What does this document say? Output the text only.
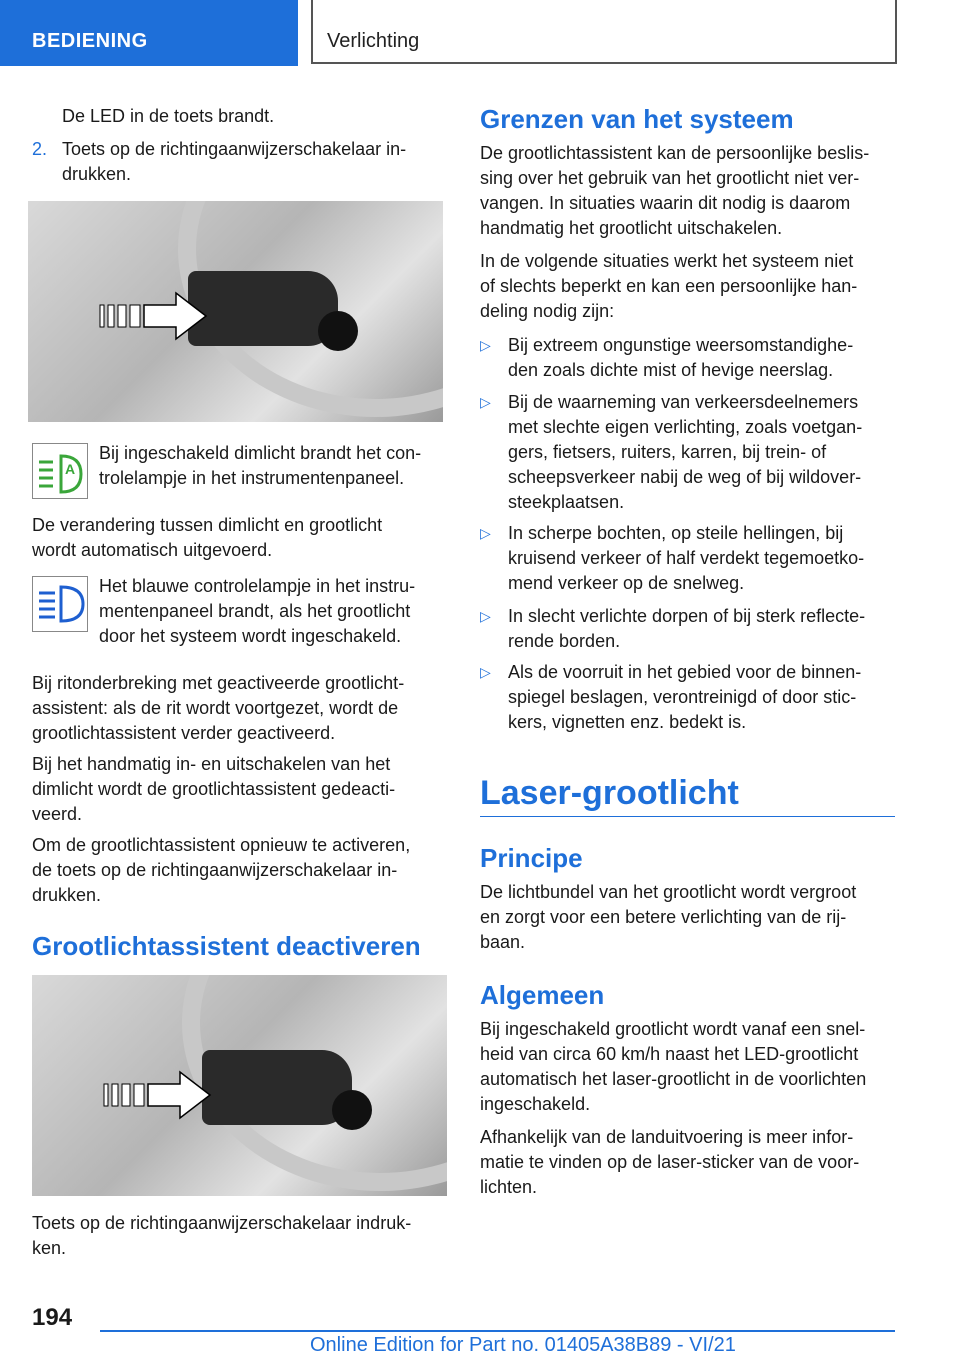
BEDIENING	Verlichting

De LED in de toets brandt.

2. Toets op de richtingaanwijzerschakelaar in-

drukken.

A

Bij ingeschakeld dimlicht brandt het con-

trolelampje in het instrumentenpaneel.

De verandering tussen dimlicht en grootlicht

wordt automatisch uitgevoerd.

Het blauwe controlelampje in het instru-

mentenpaneel brandt, als het grootlicht

door het systeem wordt ingeschakeld.

Bij ritonderbreking met geactiveerde grootlicht-

assistent: als de rit wordt voortgezet, wordt de

grootlichtassistent verder geactiveerd.

Bij het handmatig in- en uitschakelen van het

dimlicht wordt de grootlichtassistent gedeacti-

veerd.

Om de grootlichtassistent opnieuw te activeren,

de toets op de richtingaanwijzerschakelaar in-

drukken.

Grootlichtassistent deactiveren

Toets op de richtingaanwijzerschakelaar indruk-

ken.

Grenzen van het systeem

De grootlichtassistent kan de persoonlijke beslis-

sing over het gebruik van het grootlicht niet ver-

vangen. In situaties waarin dit nodig is daarom

handmatig het grootlicht uitschakelen.

In de volgende situaties werkt het systeem niet

of slechts beperkt en kan een persoonlijke han-

deling nodig zijn:

▷ Bij extreem ongunstige weersomstandighe-

den zoals dichte mist of hevige neerslag.

▷ Bij de waarneming van verkeersdeelnemers

met slechte eigen verlichting, zoals voetgan-

gers, fietsers, ruiters, karren, bij trein- of

scheepsverkeer nabij de weg of bij wildover-

steekplaatsen.

▷ In scherpe bochten, op steile hellingen, bij

kruisend verkeer of half verdekt tegemoetko-

mend verkeer op de snelweg.

▷ In slecht verlichte dorpen of bij sterk reflecte-

rende borden.

▷ Als de voorruit in het gebied voor de binnen-

spiegel beslagen, verontreinigd of door stic-

kers, vignetten enz. bedekt is.

Laser-grootlicht
Principe

De lichtbundel van het grootlicht wordt vergroot

en zorgt voor een betere verlichting van de rij-

baan.

Algemeen

Bij ingeschakeld grootlicht wordt vanaf een snel-

heid van circa 60 km/h naast het LED-grootlicht

automatisch het laser-grootlicht in de voorlichten

ingeschakeld.

Afhankelijk van de landuitvoering is meer infor-

matie te vinden op de laser-sticker van de voor-

lichten.

194
Online Edition for Part no. 01405A38B89 - VI/21
